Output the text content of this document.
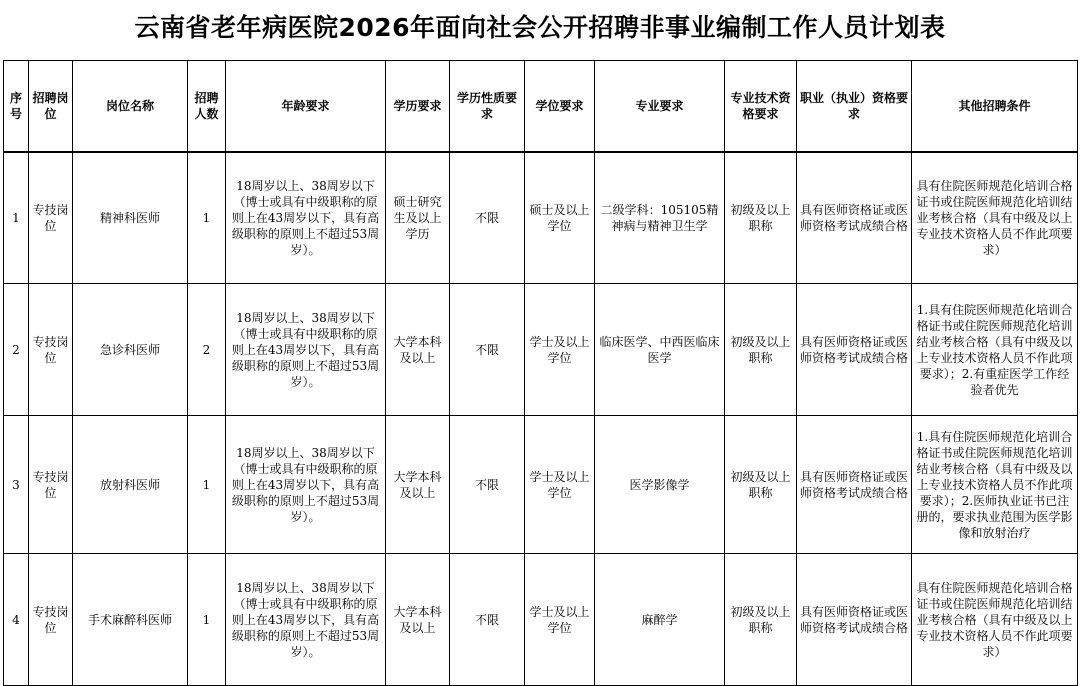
云南省老年病医院2026年面向社会公开招聘非事业编制工作人员计划表
序号	招聘岗位	岗位名称	招聘人数	年龄要求	学历要求	学历性质要求	学位要求	专业要求	专业技术资格要求	职业（执业）资格要求	其他招聘条件
1	专技岗位	精神科医师	1	18周岁以上、38周岁以下（博士或具有中级职称的原则上在43周岁以下，具有高级职称的原则上不超过53周岁）。	硕士研究生及以上学历	不限	硕士及以上学位	二级学科：105105精神病与精神卫生学	初级及以上职称	具有医师资格证或医师资格考试成绩合格	具有住院医师规范化培训合格证书或住院医师规范化培训结业考核合格（具有中级及以上专业技术资格人员不作此项要求）
2	专技岗位	急诊科医师	2	18周岁以上、38周岁以下（博士或具有中级职称的原则上在43周岁以下，具有高级职称的原则上不超过53周岁）。	大学本科及以上	不限	学士及以上学位	临床医学、中西医临床医学	初级及以上职称	具有医师资格证或医师资格考试成绩合格	1.具有住院医师规范化培训合格证书或住院医师规范化培训结业考核合格（具有中级及以上专业技术资格人员不作此项要求）；2.有重症医学工作经验者优先
3	专技岗位	放射科医师	1	18周岁以上、38周岁以下（博士或具有中级职称的原则上在43周岁以下，具有高级职称的原则上不超过53周岁）。	大学本科及以上	不限	学士及以上学位	医学影像学	初级及以上职称	具有医师资格证或医师资格考试成绩合格	1.具有住院医师规范化培训合格证书或住院医师规范化培训结业考核合格（具有中级及以上专业技术资格人员不作此项要求）；2.医师执业证书已注册的，要求执业范围为医学影像和放射治疗
4	专技岗位	手术麻醉科医师	1	18周岁以上、38周岁以下（博士或具有中级职称的原则上在43周岁以下，具有高级职称的原则上不超过53周岁）。	大学本科及以上	不限	学士及以上学位	麻醉学	初级及以上职称	具有医师资格证或医师资格考试成绩合格	具有住院医师规范化培训合格证书或住院医师规范化培训结业考核合格（具有中级及以上专业技术资格人员不作此项要求）
